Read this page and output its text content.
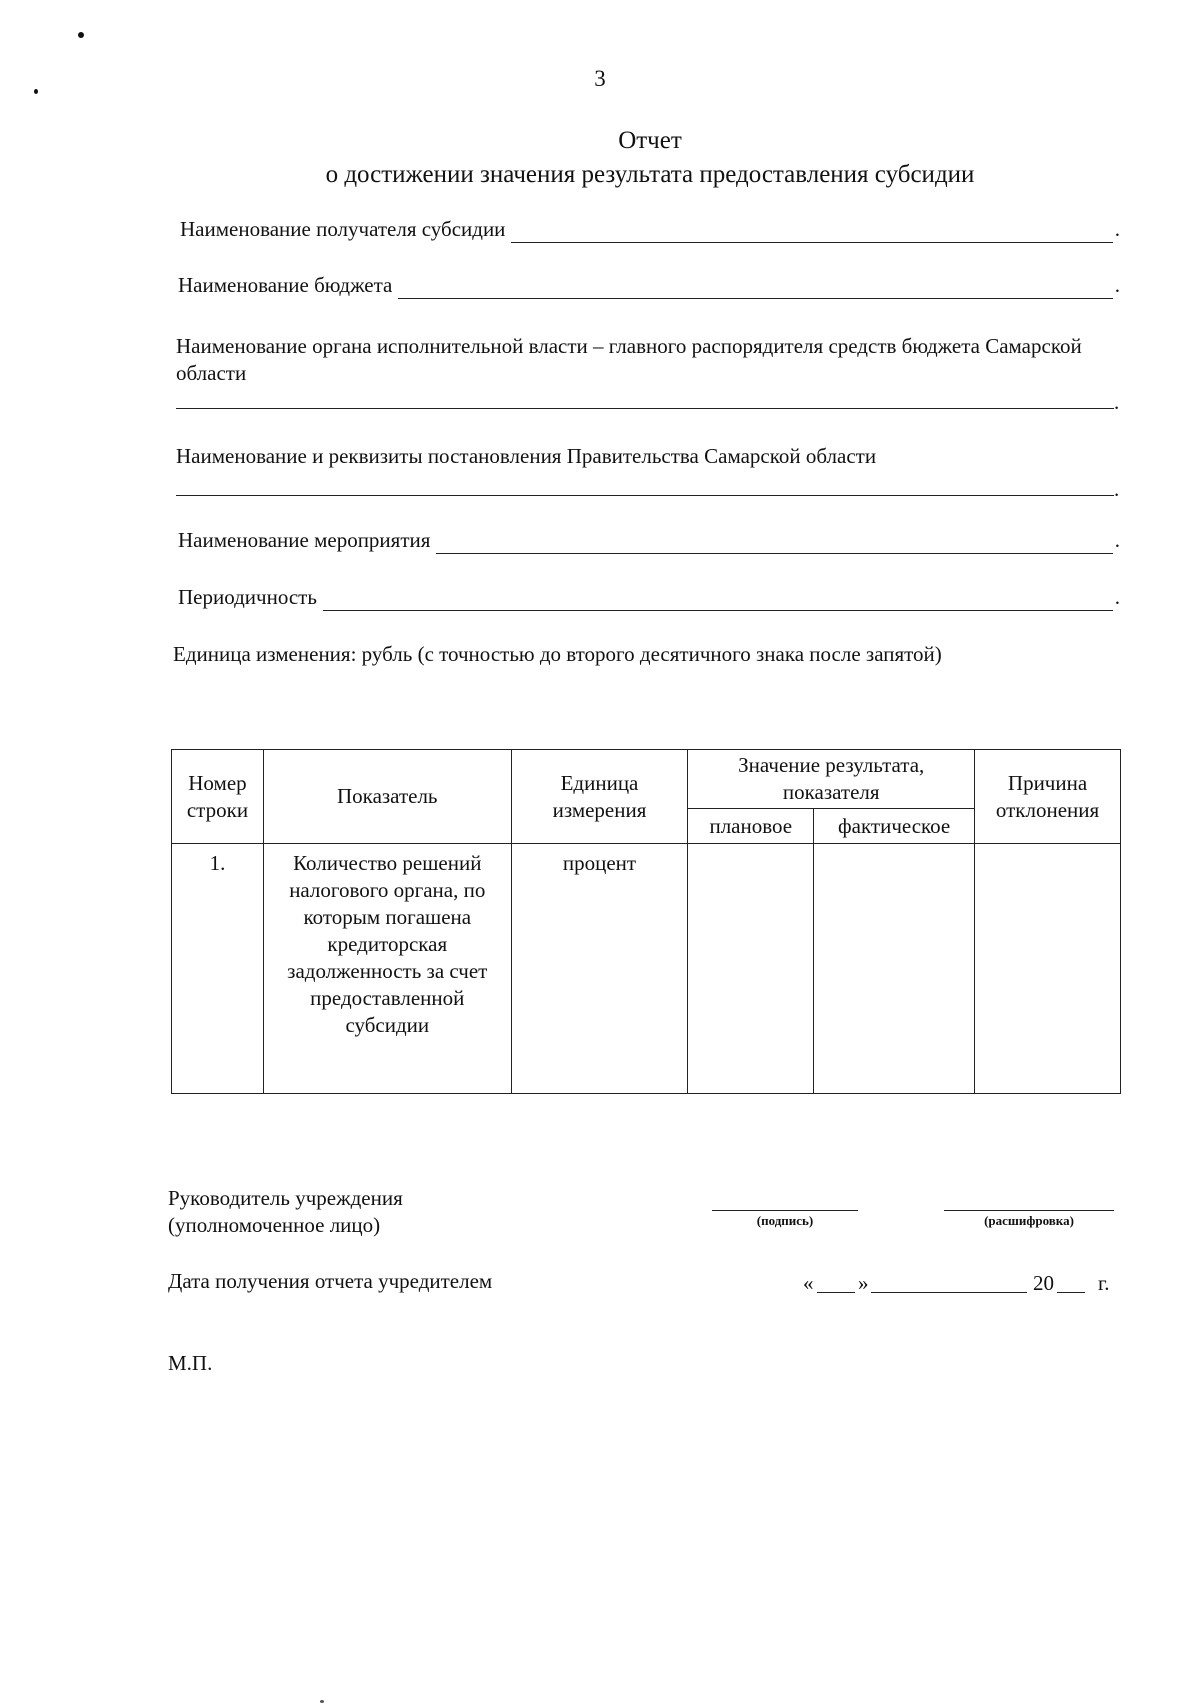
3
Отчет
о достижении значения результата предоставления субсидии
Наименование получателя субсидии	.
Наименование бюджета	.
Наименование органа исполнительной власти – главного распорядителя средств бюджета Самарской области
.
Наименование и реквизиты постановления Правительства Самарской области
.
Наименование мероприятия	.
Периодичность	.
Единица изменения: рубль (с точностью до второго десятичного знака после запятой)
Номер строки	Показатель	Единица измерения	Значение результата, показателя		Причина отклонения
			плановое	фактическое	
1.	Количество решений налогового органа, по которым погашена кредиторская задолженность за счет предоставленной субсидии	процент			
Руководитель учреждения
(уполномоченное лицо)	(подпись)	(расшифровка)
Дата получения отчета учредителем	« »	20 г.
М.П.
